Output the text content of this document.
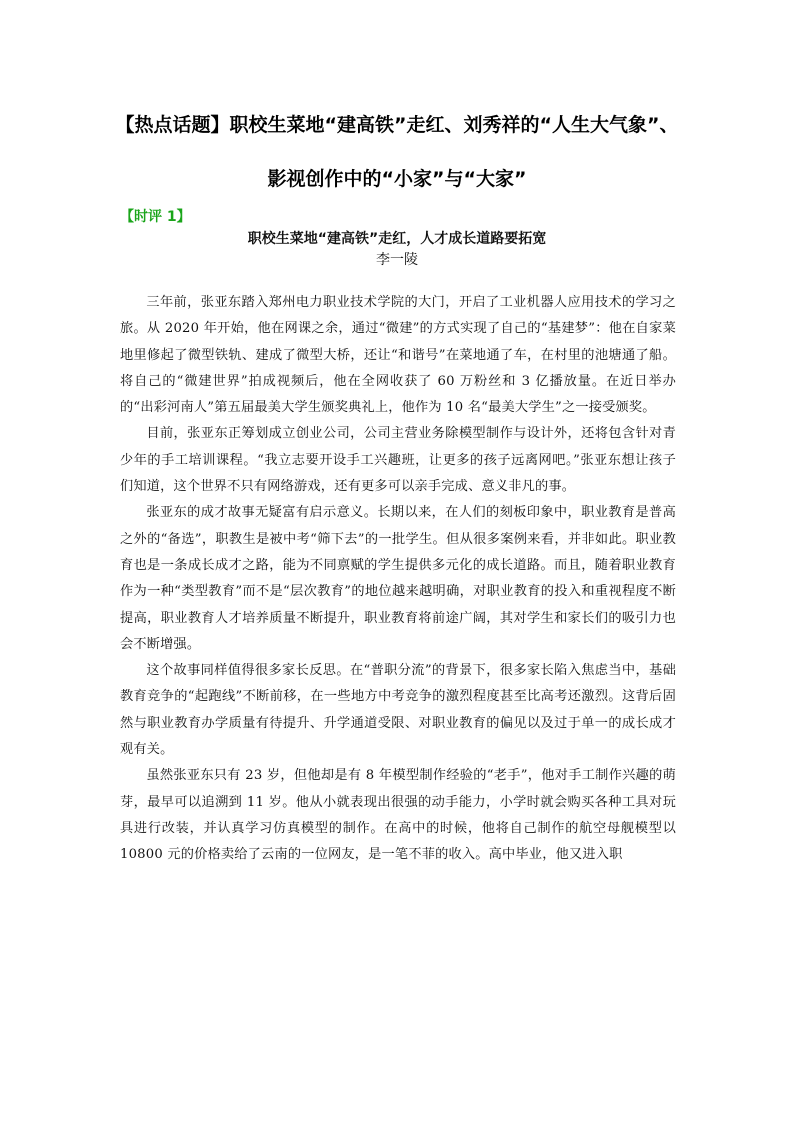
【热点话题】职校生菜地“建高铁”走红、刘秀祥的“人生大气象”、
影视创作中的“小家”与“大家”
【时评 1】
职校生菜地“建高铁”走红，人才成长道路要拓宽
李一陵

三年前，张亚东踏入郑州电力职业技术学院的大门，开启了工业机器人应用技术的学习之旅。从 2020 年开始，他在网课之余，通过“微建”的方式实现了自己的“基建梦”：他在自家菜地里修起了微型铁轨、建成了微型大桥，还让“和谐号”在菜地通了车，在村里的池塘通了船。将自己的“微建世界”拍成视频后，他在全网收获了 60 万粉丝和 3 亿播放量。在近日举办的“出彩河南人”第五届最美大学生颁奖典礼上，他作为 10 名“最美大学生”之一接受颁奖。

目前，张亚东正筹划成立创业公司，公司主营业务除模型制作与设计外，还将包含针对青少年的手工培训课程。“我立志要开设手工兴趣班，让更多的孩子远离网吧。”张亚东想让孩子们知道，这个世界不只有网络游戏，还有更多可以亲手完成、意义非凡的事。

张亚东的成才故事无疑富有启示意义。长期以来，在人们的刻板印象中，职业教育是普高之外的“备选”，职教生是被中考“筛下去”的一批学生。但从很多案例来看，并非如此。职业教育也是一条成长成才之路，能为不同禀赋的学生提供多元化的成长道路。而且，随着职业教育作为一种“类型教育”而不是“层次教育”的地位越来越明确，对职业教育的投入和重视程度不断提高，职业教育人才培养质量不断提升，职业教育将前途广阔，其对学生和家长们的吸引力也会不断增强。

这个故事同样值得很多家长反思。在“普职分流”的背景下，很多家长陷入焦虑当中，基础教育竞争的“起跑线”不断前移，在一些地方中考竞争的激烈程度甚至比高考还激烈。这背后固然与职业教育办学质量有待提升、升学通道受限、对职业教育的偏见以及过于单一的成长成才观有关。

虽然张亚东只有 23 岁，但他却是有 8 年模型制作经验的“老手”，他对手工制作兴趣的萌芽，最早可以追溯到 11 岁。他从小就表现出很强的动手能力，小学时就会购买各种工具对玩具进行改装，并认真学习仿真模型的制作。在高中的时候，他将自己制作的航空母舰模型以 10800 元的价格卖给了云南的一位网友，是一笔不菲的收入。高中毕业，他又进入职
